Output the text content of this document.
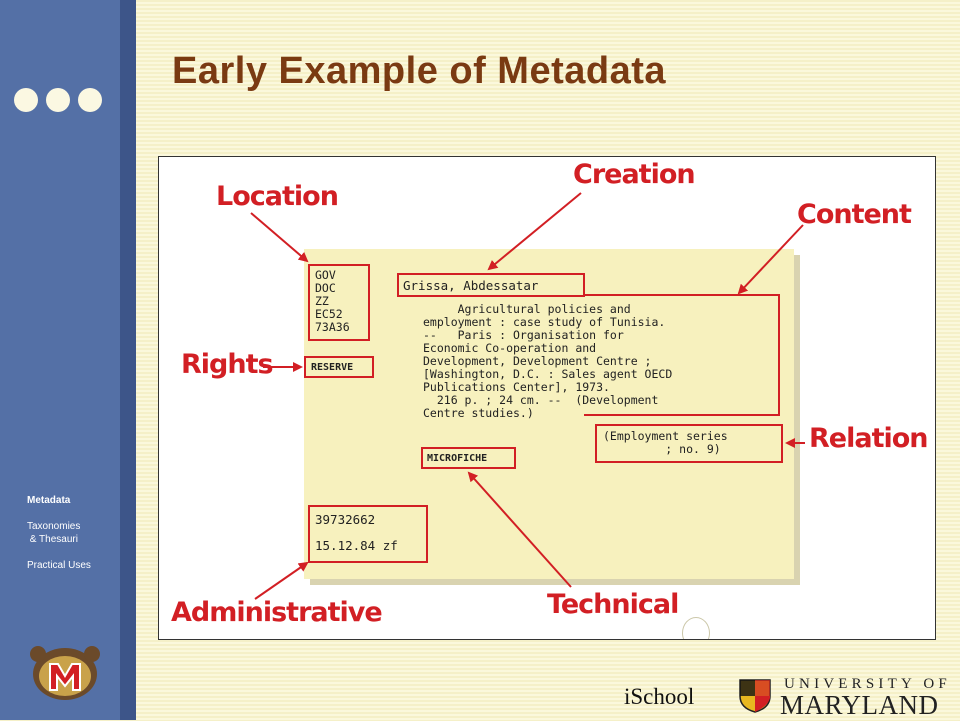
Metadata
Taxonomies
& Thesauri
Practical Uses
Early Example of Metadata
GOV
DOC
ZZ
EC52
73A36
RESERVE
Grissa, Abdessatar
Agricultural policies and
employment : case study of Tunisia.
--   Paris : Organisation for
Economic Co-operation and
Development, Development Centre ;
[Washington, D.C. : Sales agent OECD
Publications Center], 1973.
216 p. ; 24 cm. --  (Development
Centre studies.)
(Employment series
; no. 9)
MICROFICHE
39732662

15.12.84 zf
Location
Creation
Content
Rights
Relation
Administrative	Technical
iSchool	UNIVERSITY OF
MARYLAND
